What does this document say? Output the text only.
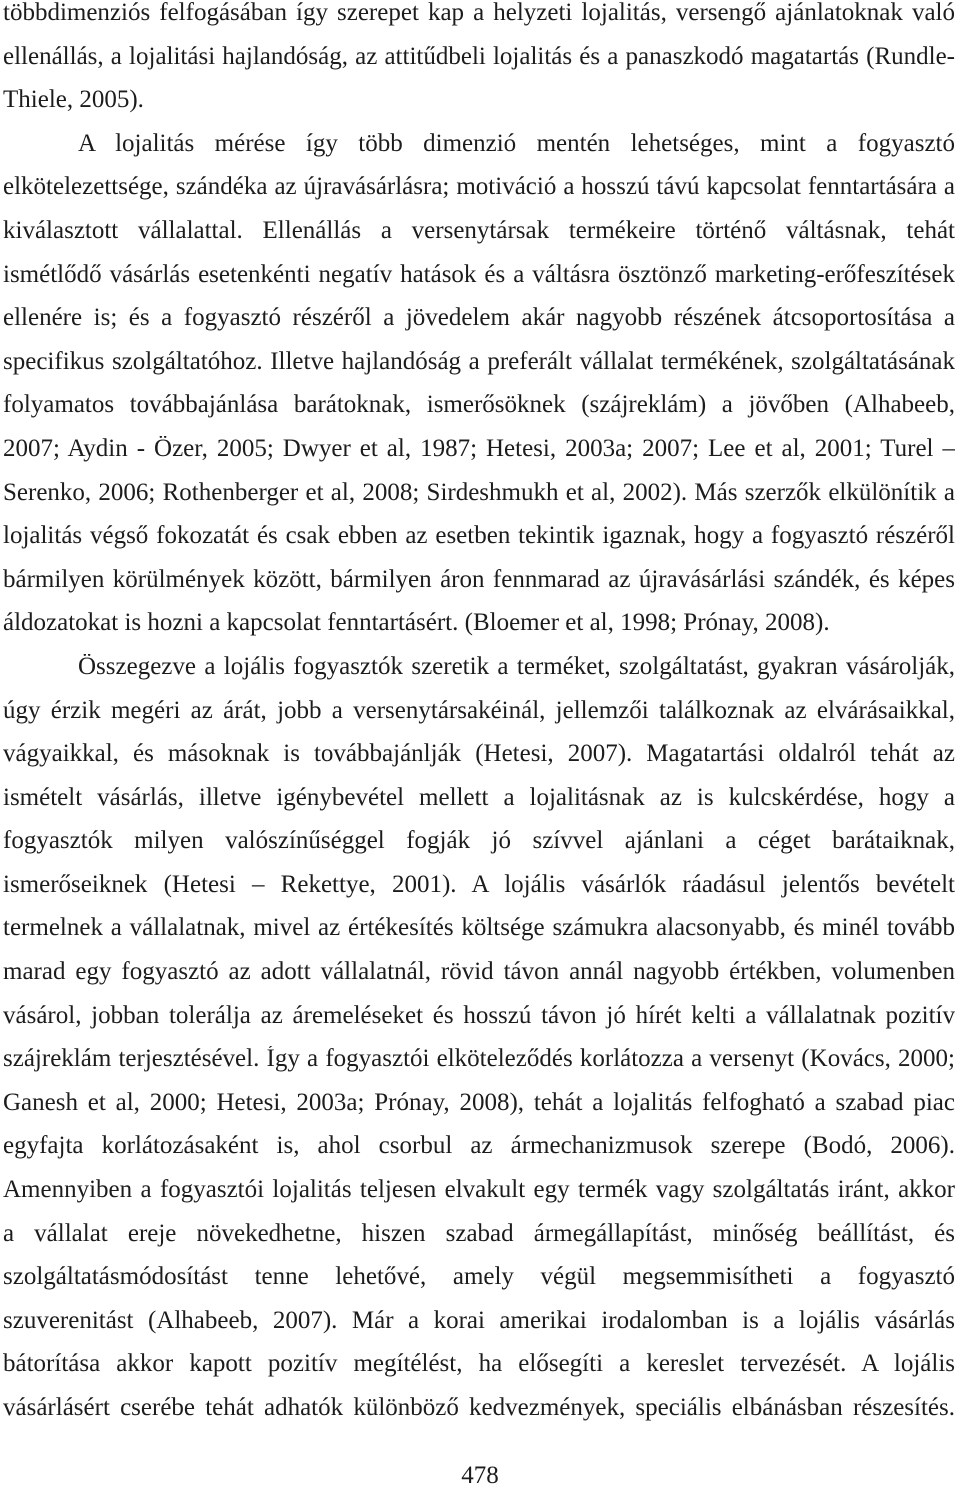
többdimenziós felfogásában így szerepet kap a helyzeti lojalitás, versengő ajánlatoknak való
ellenállás, a lojalitási hajlandóság, az attitűdbeli lojalitás és a panaszkodó magatartás (Rundle-
Thiele, 2005).
A lojalitás mérése így több dimenzió mentén lehetséges, mint a fogyasztó
elkötelezettsége, szándéka az újravásárlásra; motiváció a hosszú távú kapcsolat fenntartására a
kiválasztott vállalattal. Ellenállás a versenytársak termékeire történő váltásnak, tehát
ismétlődő vásárlás esetenkénti negatív hatások és a váltásra ösztönző marketing-erőfeszítések
ellenére is; és a fogyasztó részéről a jövedelem akár nagyobb részének átcsoportosítása a
specifikus szolgáltatóhoz. Illetve hajlandóság a preferált vállalat termékének, szolgáltatásának
folyamatos továbbajánlása barátoknak, ismerősöknek (szájreklám) a jövőben (Alhabeeb,
2007; Aydin - Özer, 2005; Dwyer et al, 1987; Hetesi, 2003a; 2007; Lee et al, 2001; Turel –
Serenko, 2006; Rothenberger et al, 2008; Sirdeshmukh et al, 2002). Más szerzők elkülönítik a
lojalitás végső fokozatát és csak ebben az esetben tekintik igaznak, hogy a fogyasztó részéről
bármilyen körülmények között, bármilyen áron fennmarad az újravásárlási szándék, és képes
áldozatokat is hozni a kapcsolat fenntartásért. (Bloemer et al, 1998; Prónay, 2008).
Összegezve a lojális fogyasztók szeretik a terméket, szolgáltatást, gyakran vásárolják,
úgy érzik megéri az árát, jobb a versenytársakéinál, jellemzői találkoznak az elvárásaikkal,
vágyaikkal, és másoknak is továbbajánlják (Hetesi, 2007). Magatartási oldalról tehát az
ismételt vásárlás, illetve igénybevétel mellett a lojalitásnak az is kulcskérdése, hogy a
fogyasztók milyen valószínűséggel fogják jó szívvel ajánlani a céget barátaiknak,
ismerőseiknek (Hetesi – Rekettye, 2001). A lojális vásárlók ráadásul jelentős bevételt
termelnek a vállalatnak, mivel az értékesítés költsége számukra alacsonyabb, és minél tovább
marad egy fogyasztó az adott vállalatnál, rövid távon annál nagyobb értékben, volumenben
vásárol, jobban tolerálja az áremeléseket és hosszú távon jó hírét kelti a vállalatnak pozitív
szájreklám terjesztésével. Így a fogyasztói elköteleződés korlátozza a versenyt (Kovács, 2000;
Ganesh et al, 2000; Hetesi, 2003a; Prónay, 2008), tehát a lojalitás felfogható a szabad piac
egyfajta korlátozásaként is, ahol csorbul az ármechanizmusok szerepe (Bodó, 2006).
Amennyiben a fogyasztói lojalitás teljesen elvakult egy termék vagy szolgáltatás iránt, akkor
a vállalat ereje növekedhetne, hiszen szabad ármegállapítást, minőség beállítást, és
szolgáltatásmódosítást tenne lehetővé, amely végül megsemmisítheti a fogyasztó
szuverenitást (Alhabeeb, 2007). Már a korai amerikai irodalomban is a lojális vásárlás
bátorítása akkor kapott pozitív megítélést, ha elősegíti a kereslet tervezését. A lojális
vásárlásért cserébe tehát adhatók különböző kedvezmények, speciális elbánásban részesítés.
478
